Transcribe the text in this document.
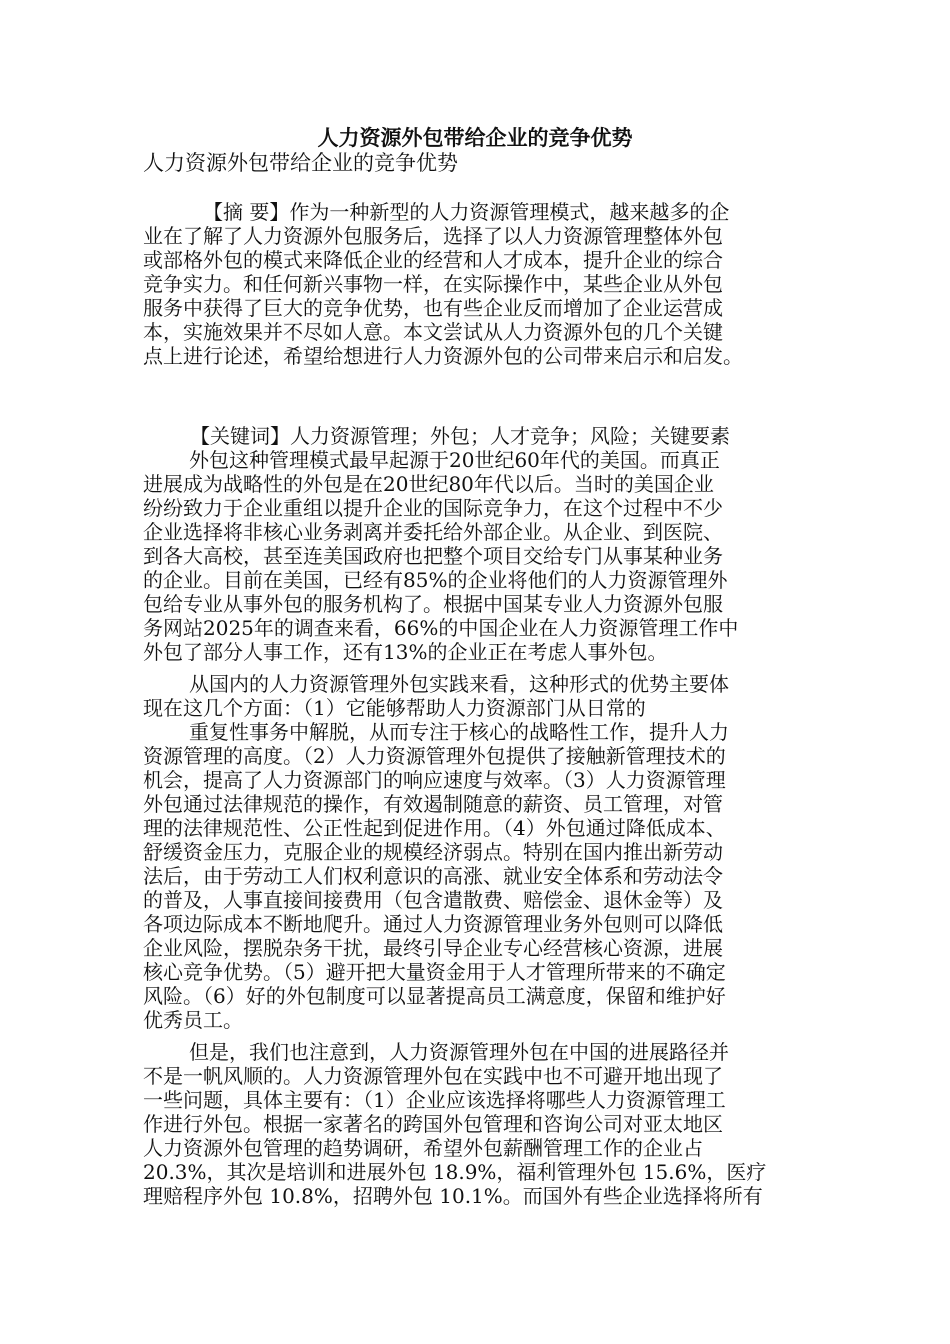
人力资源外包带给企业的竞争优势
人力资源外包带给企业的竞争优势
【摘 要】作为一种新型的人力资源管理模式，越来越多的企
业在了解了人力资源外包服务后，选择了以人力资源管理整体外包
或部格外包的模式来降低企业的经营和人才成本，提升企业的综合
竞争实力。和任何新兴事物一样，在实际操作中，某些企业从外包
服务中获得了巨大的竞争优势，也有些企业反而增加了企业运营成
本，实施效果并不尽如人意。本文尝试从人力资源外包的几个关键
点上进行论述，希望给想进行人力资源外包的公司带来启示和启发。
【关键词】人力资源管理；外包；人才竞争；风险；关键要素
外包这种管理模式最早起源于20世纪60年代的美国。而真正
进展成为战略性的外包是在20世纪80年代以后。当时的美国企业
纷纷致力于企业重组以提升企业的国际竞争力，在这个过程中不少
企业选择将非核心业务剥离并委托给外部企业。从企业、到医院、
到各大高校，甚至连美国政府也把整个项目交给专门从事某种业务
的企业。目前在美国，已经有85%的企业将他们的人力资源管理外
包给专业从事外包的服务机构了。根据中国某专业人力资源外包服
务网站2025年的调查来看，66%的中国企业在人力资源管理工作中
外包了部分人事工作，还有13%的企业正在考虑人事外包。
从国内的人力资源管理外包实践来看，这种形式的优势主要体
现在这几个方面：（1）它能够帮助人力资源部门从日常的
重复性事务中解脱，从而专注于核心的战略性工作，提升人力
资源管理的高度。（2）人力资源管理外包提供了接触新管理技术的
机会，提高了人力资源部门的响应速度与效率。（3）人力资源管理
外包通过法律规范的操作，有效遏制随意的薪资、员工管理，对管
理的法律规范性、公正性起到促进作用。（4）外包通过降低成本、
舒缓资金压力，克服企业的规模经济弱点。特别在国内推出新劳动
法后，由于劳动工人们权利意识的高涨、就业安全体系和劳动法令
的普及，人事直接间接费用（包含遣散费、赔偿金、退休金等）及
各项边际成本不断地爬升。通过人力资源管理业务外包则可以降低
企业风险，摆脱杂务干扰，最终引导企业专心经营核心资源，进展
核心竞争优势。（5）避开把大量资金用于人才管理所带来的不确定
风险。（6）好的外包制度可以显著提高员工满意度，保留和维护好
优秀员工。
但是，我们也注意到，人力资源管理外包在中国的进展路径并
不是一帆风顺的。人力资源管理外包在实践中也不可避开地出现了
一些问题，具体主要有：（1）企业应该选择将哪些人力资源管理工
作进行外包。根据一家著名的跨国外包管理和咨询公司对亚太地区
人力资源外包管理的趋势调研，希望外包薪酬管理工作的企业占
20.3%，其次是培训和进展外包 18.9%，福利管理外包 15.6%，医疗
理赔程序外包 10.8%，招聘外包 10.1%。而国外有些企业选择将所有
